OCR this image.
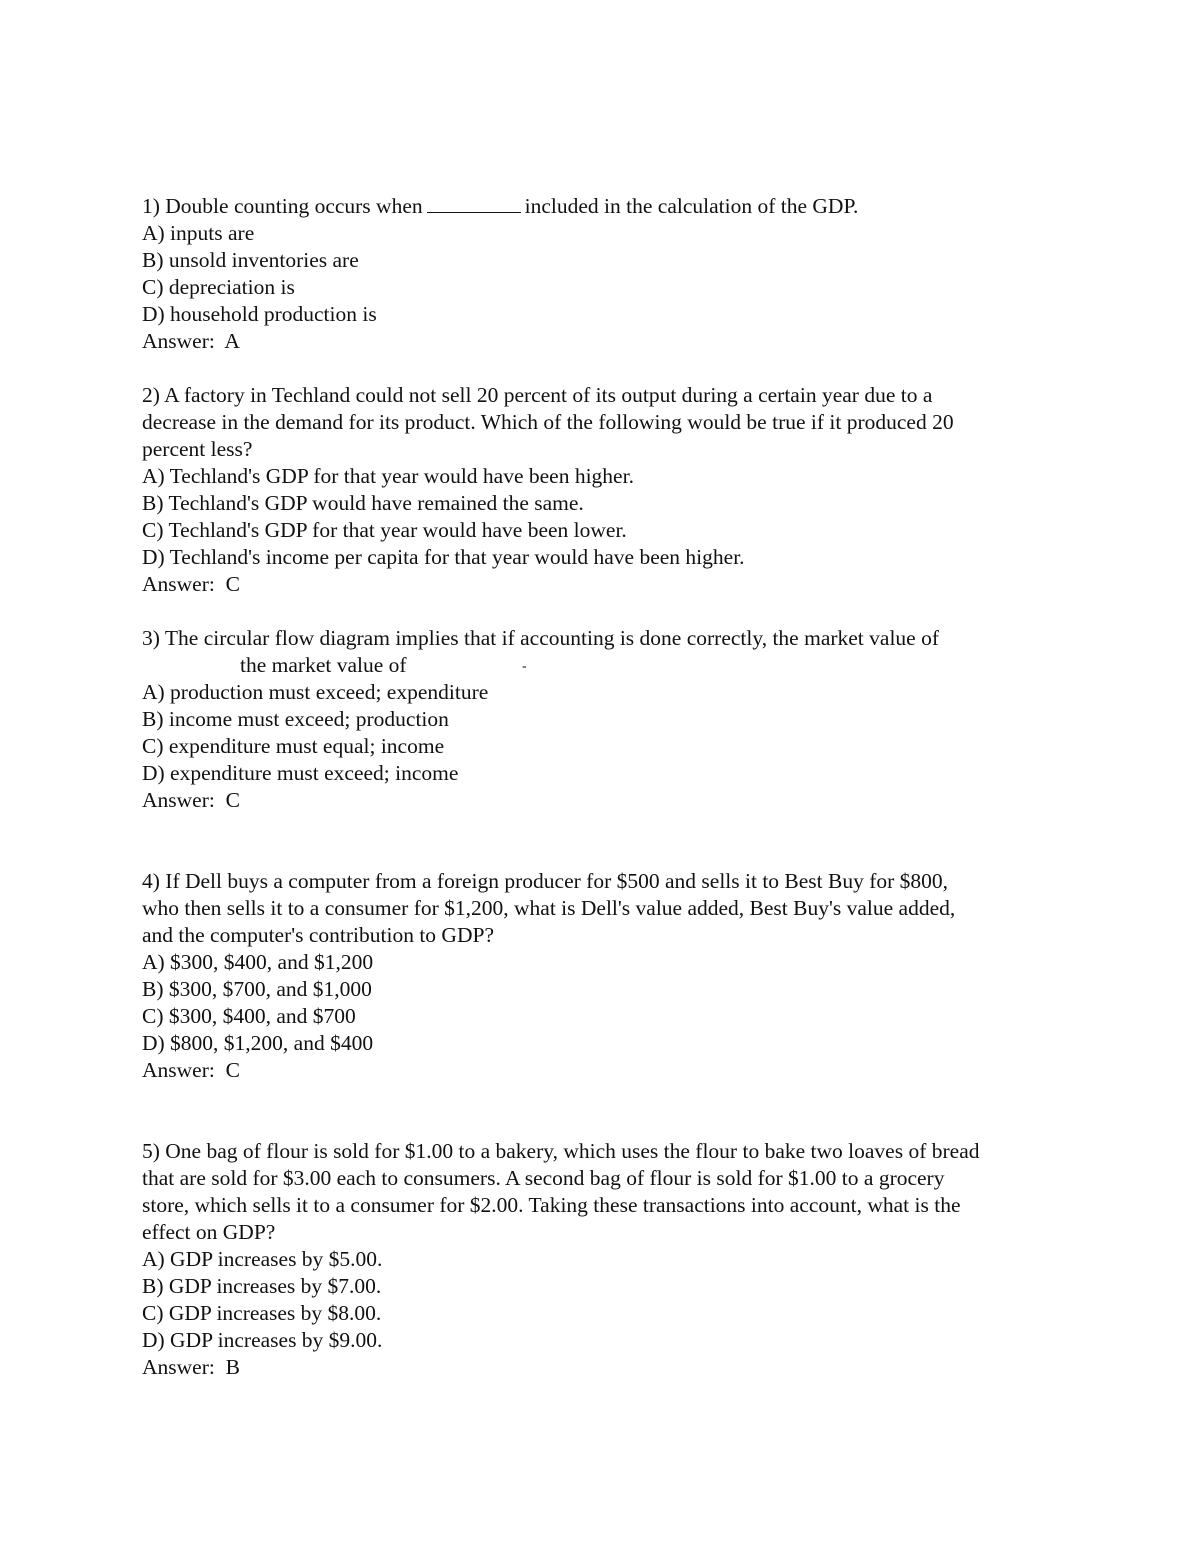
1) Double counting occurs when	included in the calculation of the GDP.
A) inputs are
B) unsold inventories are
C) depreciation is
D) household production is
Answer:  A
2) A factory in Techland could not sell 20 percent of its output during a certain year due to a
decrease in the demand for its product. Which of the following would be true if it produced 20
percent less?
A) Techland's GDP for that year would have been higher.
B) Techland's GDP would have remained the same.
C) Techland's GDP for that year would have been lower.
D) Techland's income per capita for that year would have been higher.
Answer:  C
3) The circular flow diagram implies that if accounting is done correctly, the market value of
the market value of	-
A) production must exceed; expenditure
B) income must exceed; production
C) expenditure must equal; income
D) expenditure must exceed; income
Answer:  C
4) If Dell buys a computer from a foreign producer for $500 and sells it to Best Buy for $800,
who then sells it to a consumer for $1,200, what is Dell's value added, Best Buy's value added,
and the computer's contribution to GDP?
A) $300, $400, and $1,200
B) $300, $700, and $1,000
C) $300, $400, and $700
D) $800, $1,200, and $400
Answer:  C
5) One bag of flour is sold for $1.00 to a bakery, which uses the flour to bake two loaves of bread
that are sold for $3.00 each to consumers. A second bag of flour is sold for $1.00 to a grocery
store, which sells it to a consumer for $2.00. Taking these transactions into account, what is the
effect on GDP?
A) GDP increases by $5.00.
B) GDP increases by $7.00.
C) GDP increases by $8.00.
D) GDP increases by $9.00.
Answer:  B
